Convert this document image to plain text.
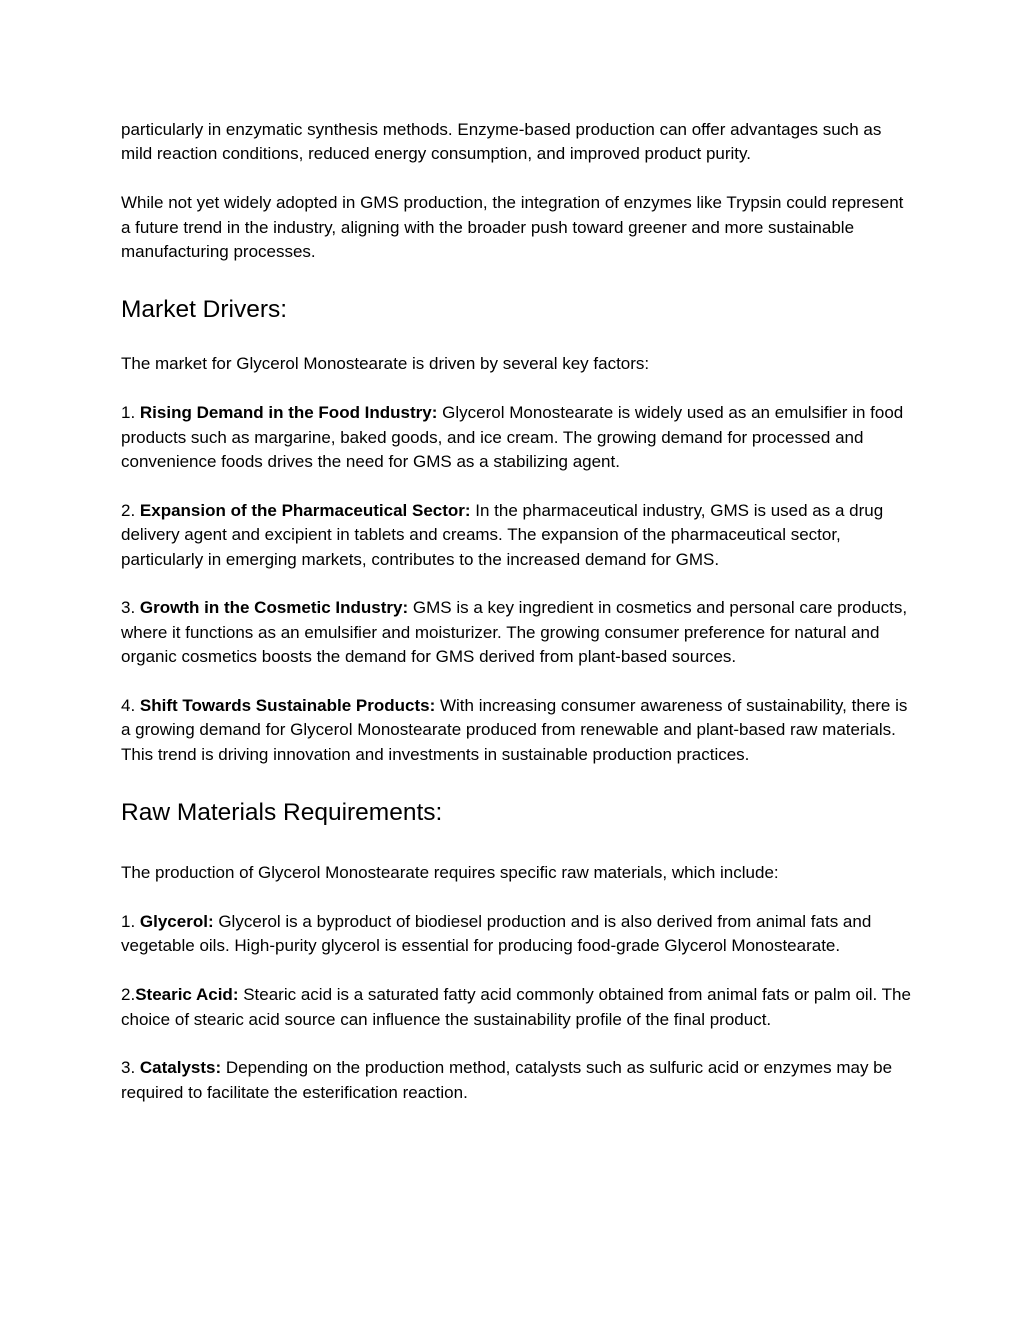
particularly in enzymatic synthesis methods. Enzyme-based production can offer advantages such as mild reaction conditions, reduced energy consumption, and improved product purity.

While not yet widely adopted in GMS production, the integration of enzymes like Trypsin could represent a future trend in the industry, aligning with the broader push toward greener and more sustainable manufacturing processes.

Market Drivers:

The market for Glycerol Monostearate is driven by several key factors:

1. Rising Demand in the Food Industry: Glycerol Monostearate is widely used as an emulsifier in food products such as margarine, baked goods, and ice cream. The growing demand for processed and convenience foods drives the need for GMS as a stabilizing agent.

2. Expansion of the Pharmaceutical Sector: In the pharmaceutical industry, GMS is used as a drug delivery agent and excipient in tablets and creams. The expansion of the pharmaceutical sector, particularly in emerging markets, contributes to the increased demand for GMS.

3. Growth in the Cosmetic Industry: GMS is a key ingredient in cosmetics and personal care products, where it functions as an emulsifier and moisturizer. The growing consumer preference for natural and organic cosmetics boosts the demand for GMS derived from plant-based sources.

4. Shift Towards Sustainable Products: With increasing consumer awareness of sustainability, there is a growing demand for Glycerol Monostearate produced from renewable and plant-based raw materials. This trend is driving innovation and investments in sustainable production practices.

Raw Materials Requirements:

The production of Glycerol Monostearate requires specific raw materials, which include:

1. Glycerol: Glycerol is a byproduct of biodiesel production and is also derived from animal fats and vegetable oils. High-purity glycerol is essential for producing food-grade Glycerol Monostearate.

2.Stearic Acid: Stearic acid is a saturated fatty acid commonly obtained from animal fats or palm oil. The choice of stearic acid source can influence the sustainability profile of the final product.

3. Catalysts: Depending on the production method, catalysts such as sulfuric acid or enzymes may be required to facilitate the esterification reaction.
